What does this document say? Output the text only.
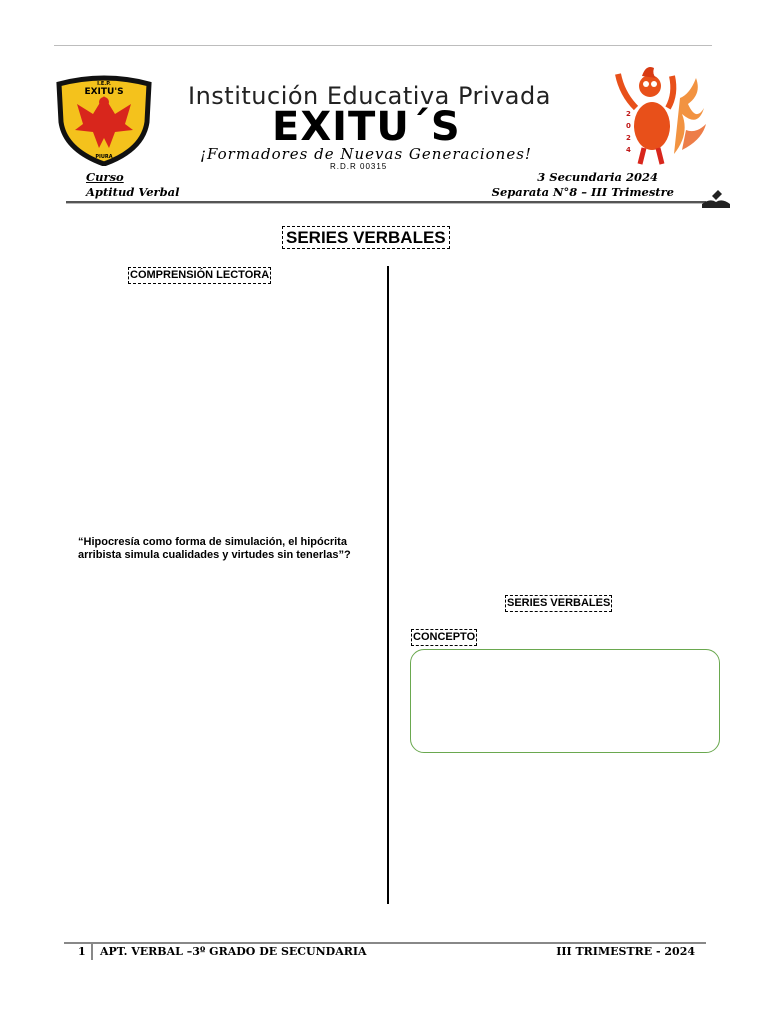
I.E.P.
EXITU'S
PIURA
Institución Educativa Privada
EXITU´S
¡Formadores de Nuevas Generaciones!
R.D.R 00315
2
0
2
4
Curso
Aptitud Verbal
3 Secundaria 2024
Separata N°8 – III Trimestre
SERIES VERBALES
COMPRENSIÓN LECTORA
“Hipocresía como forma de simulación, el hipócrita arribista simula cualidades y virtudes sin tenerlas”?
SERIES VERBALES
CONCEPTO
1 APT. VERBAL –3º GRADO DE SECUNDARIA	III TRIMESTRE - 2024
